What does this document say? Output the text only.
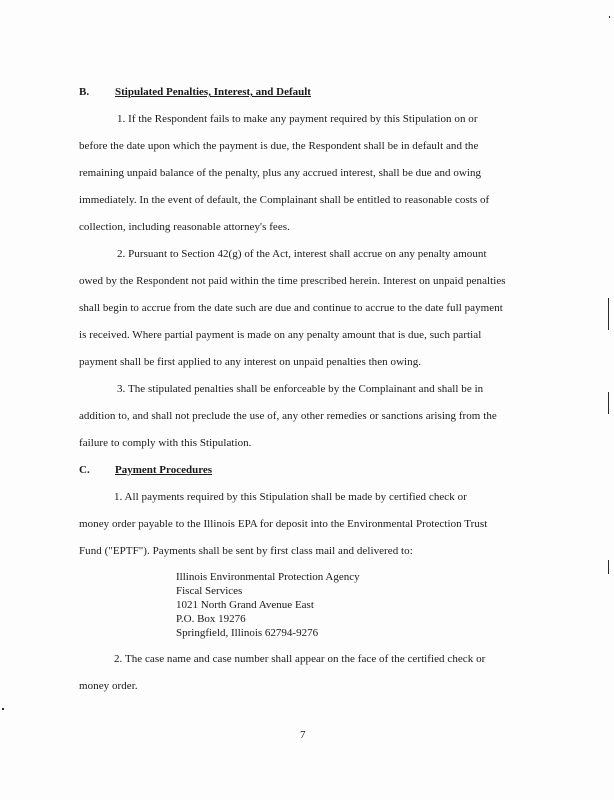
B. Stipulated Penalties, Interest, and Default
1. If the Respondent fails to make any payment required by this Stipulation on or
before the date upon which the payment is due, the Respondent shall be in default and the
remaining unpaid balance of the penalty, plus any accrued interest, shall be due and owing
immediately. In the event of default, the Complainant shall be entitled to reasonable costs of
collection, including reasonable attorney's fees.
2. Pursuant to Section 42(g) of the Act, interest shall accrue on any penalty amount
owed by the Respondent not paid within the time prescribed herein. Interest on unpaid penalties
shall begin to accrue from the date such are due and continue to accrue to the date full payment
is received. Where partial payment is made on any penalty amount that is due, such partial
payment shall be first applied to any interest on unpaid penalties then owing.
3. The stipulated penalties shall be enforceable by the Complainant and shall be in
addition to, and shall not preclude the use of, any other remedies or sanctions arising from the
failure to comply with this Stipulation.
C. Payment Procedures
1. All payments required by this Stipulation shall be made by certified check or
money order payable to the Illinois EPA for deposit into the Environmental Protection Trust
Fund ("EPTF"). Payments shall be sent by first class mail and delivered to:
Illinois Environmental Protection Agency
Fiscal Services
1021 North Grand Avenue East
P.O. Box 19276
Springfield, Illinois 62794-9276
2. The case name and case number shall appear on the face of the certified check or
money order.
7
